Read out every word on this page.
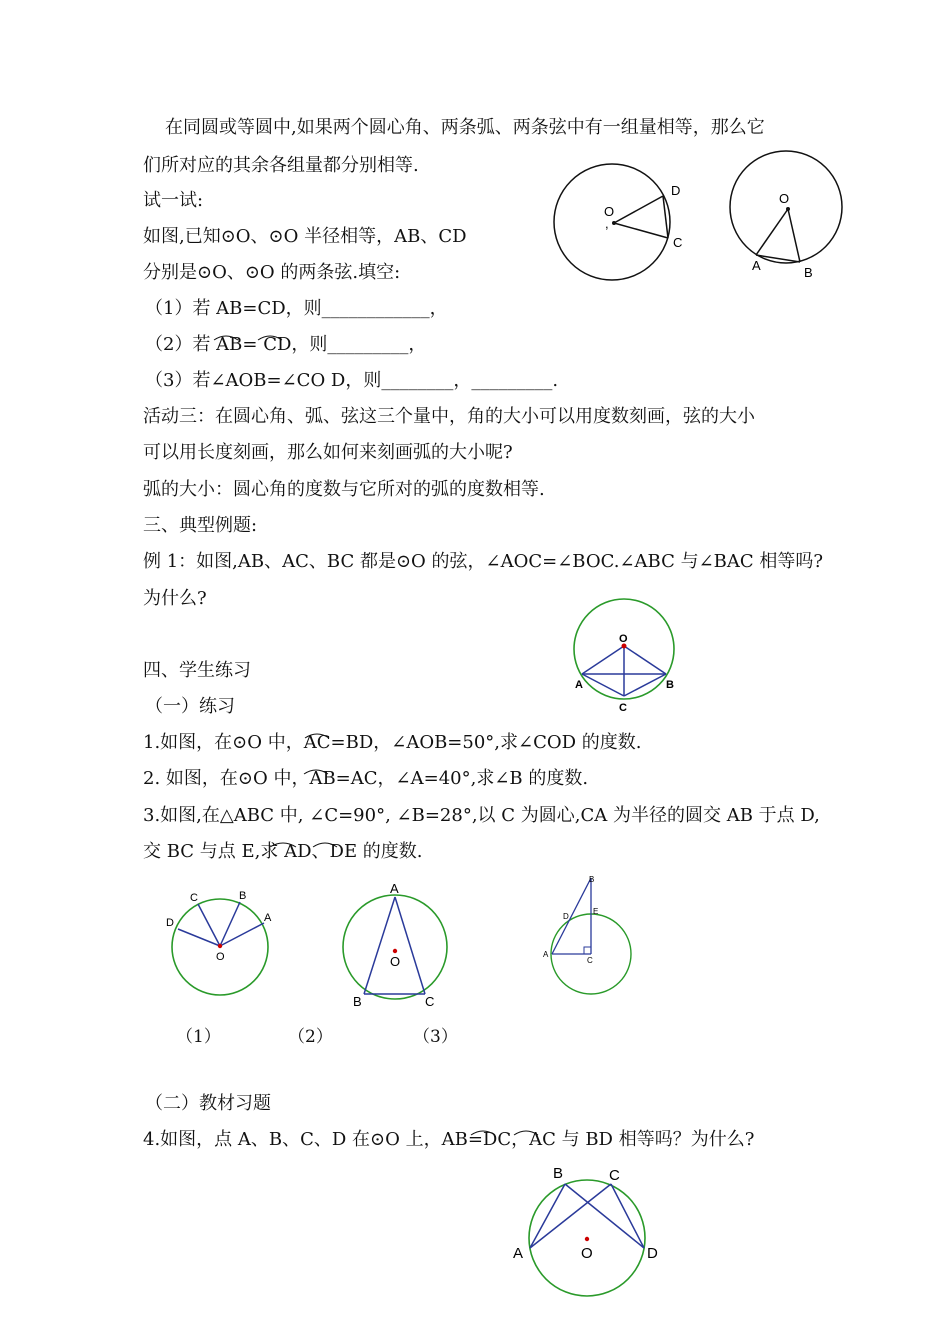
在同圆或等圆中,如果两个圆心角、两条弧、两条弦中有一组量相等，那么它
们所对应的其余各组量都分别相等.
试一试:
如图,已知⊙O、⊙O 半径相等，AB、CD
分别是⊙O、⊙O 的两条弦.填空:
（1）若 AB=CD，则____________，
（2）若 AB= CD，则_________，
（3）若∠AOB=∠CO D，则________，_________.
活动三：在圆心角、弧、弦这三个量中，角的大小可以用度数刻画，弦的大小
可以用长度刻画，那么如何来刻画弧的大小呢?
弧的大小：圆心角的度数与它所对的弧的度数相等.
三、典型例题:
例 1：如图,AB、AC、BC 都是⊙O 的弦，∠AOC=∠BOC.∠ABC 与∠BAC 相等吗?
为什么?
四、学生练习
（一）练习
1.如图，在⊙O 中，AC=BD，∠AOB=50°,求∠COD 的度数.
2. 如图，在⊙O 中，AB=AC，∠A=40°,求∠B 的度数.
3.如图,在△ABC 中, ∠C=90°, ∠B=28°,以 C 为圆心,CA 为半径的圆交 AB 于点 D,
交 BC 与点 E,求 AD、DE 的度数.
（二）教材习题
4.如图，点 A、B、C、D 在⊙O 上，AB=DC，AC 与 BD 相等吗？为什么?
O
,
D
C
O
A	B
O
A	B
C
O
A
B
C
D
O
A
B	C
B
E
D
A
C
（1）	（2）	（3）
O
A
B	C
D
